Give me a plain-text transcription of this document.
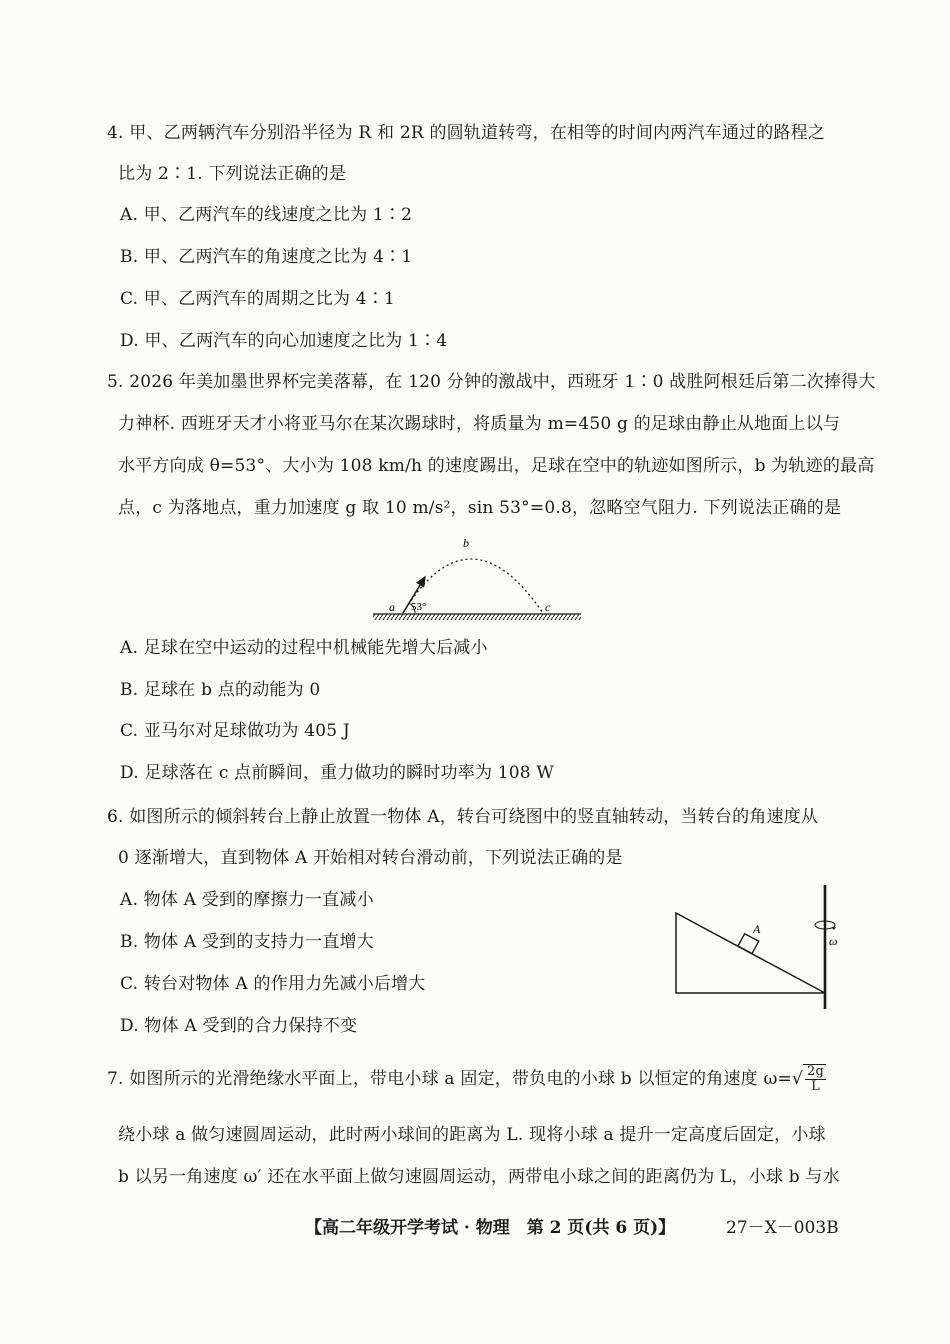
4. 甲、乙两辆汽车分别沿半径为 R 和 2R 的圆轨道转弯，在相等的时间内两汽车通过的路程之
比为 2∶1. 下列说法正确的是
A. 甲、乙两汽车的线速度之比为 1∶2
B. 甲、乙两汽车的角速度之比为 4∶1
C. 甲、乙两汽车的周期之比为 4∶1
D. 甲、乙两汽车的向心加速度之比为 1∶4
5. 2026 年美加墨世界杯完美落幕，在 120 分钟的激战中，西班牙 1∶0 战胜阿根廷后第二次捧得大
力神杯. 西班牙天才小将亚马尔在某次踢球时，将质量为 m=450 g 的足球由静止从地面上以与
水平方向成 θ=53°、大小为 108 km/h 的速度踢出，足球在空中的轨迹如图所示，b 为轨迹的最高
点，c 为落地点，重力加速度 g 取 10 m/s²，sin 53°=0.8，忽略空气阻力. 下列说法正确的是
a 53°
b
c
A. 足球在空中运动的过程中机械能先增大后减小
B. 足球在 b 点的动能为 0
C. 亚马尔对足球做功为 405 J
D. 足球落在 c 点前瞬间，重力做功的瞬时功率为 108 W
6. 如图所示的倾斜转台上静止放置一物体 A，转台可绕图中的竖直轴转动，当转台的角速度从
0 逐渐增大，直到物体 A 开始相对转台滑动前，下列说法正确的是
A. 物体 A 受到的摩擦力一直减小
B. 物体 A 受到的支持力一直增大
C. 转台对物体 A 的作用力先减小后增大
D. 物体 A 受到的合力保持不变
A
ω
7. 如图所示的光滑绝缘水平面上，带电小球 a 固定，带负电的小球 b 以恒定的角速度 $\omega=√ \frac{2g}{L}$
绕小球 a 做匀速圆周运动，此时两小球间的距离为 L. 现将小球 a 提升一定高度后固定，小球
b 以另一角速度 ω′ 还在水平面上做匀速圆周运动，两带电小球之间的距离仍为 L，小球 b 与水
【高二年级开学考试 · 物理　第 2 页(共 6 页)】	27－X－003B
